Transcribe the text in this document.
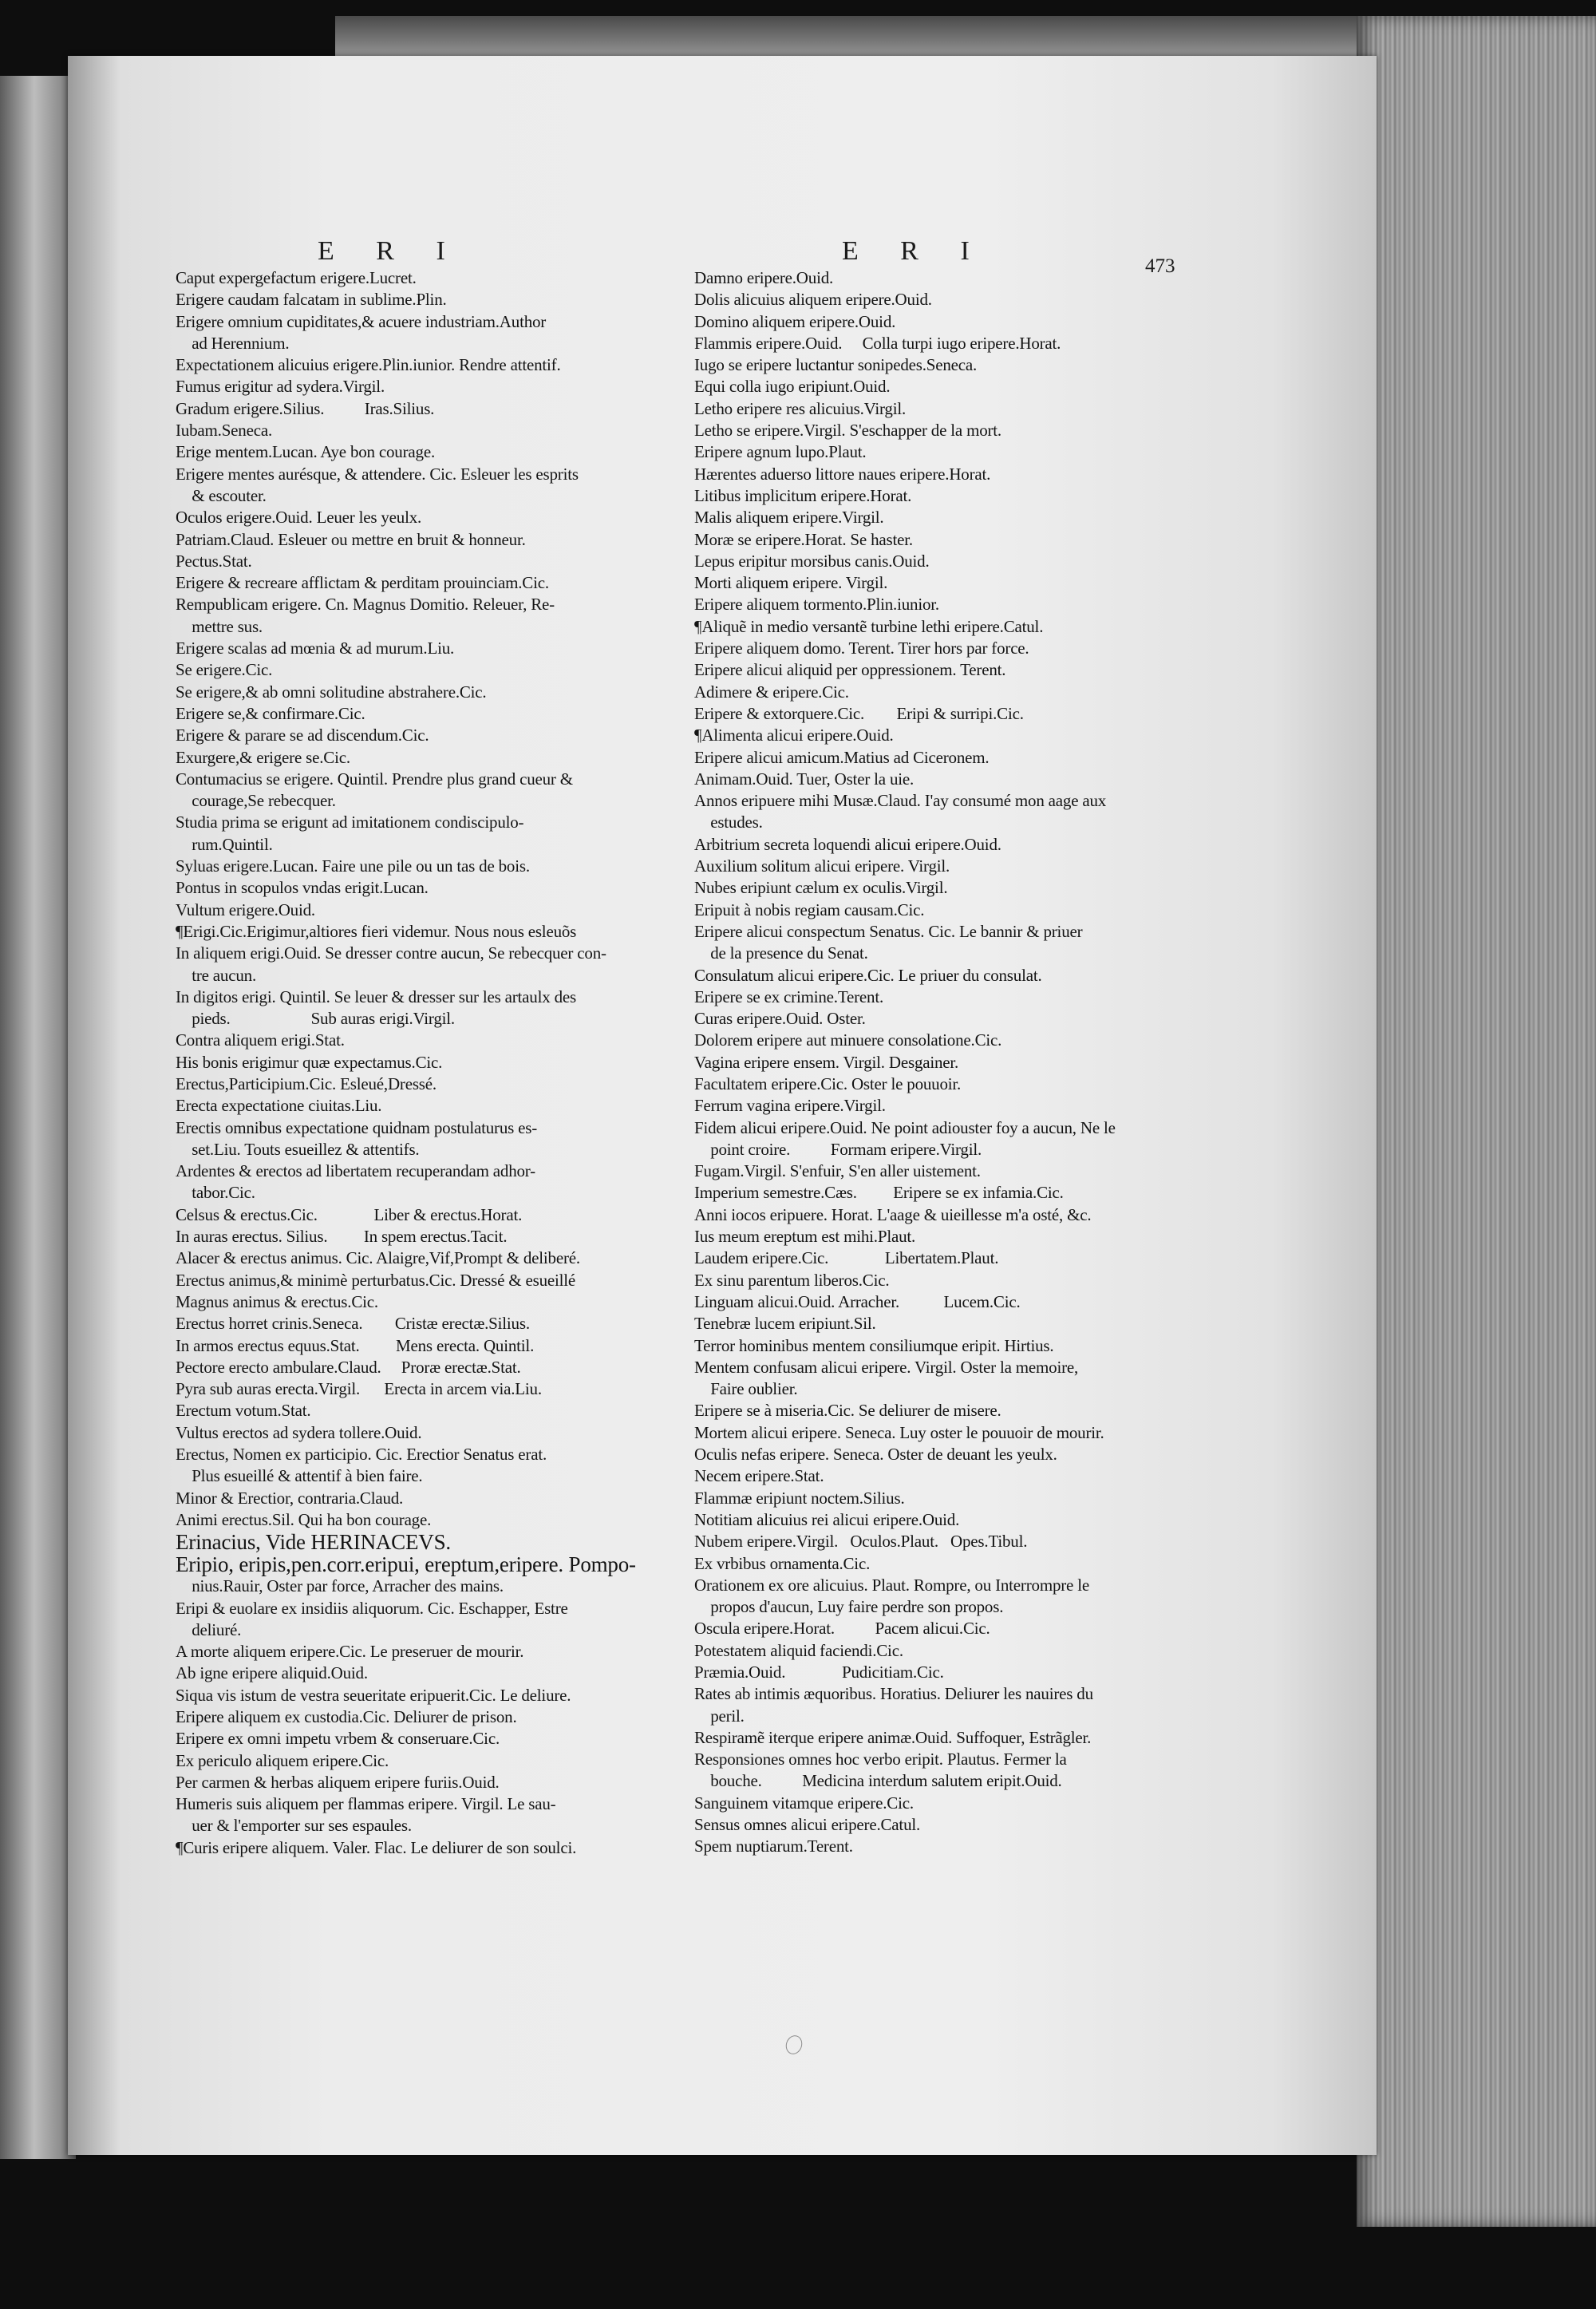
E R I	E R I
473
Caput expergefactum erigere.Lucret.
Erigere caudam falcatam in sublime.Plin.
Erigere omnium cupiditates,& acuere industriam.Author
ad Herennium.
Expectationem alicuius erigere.Plin.iunior. Rendre attentif.
Fumus erigitur ad sydera.Virgil.
Gradum erigere.Silius.          Iras.Silius.
Iubam.Seneca.
Erige mentem.Lucan. Aye bon courage.
Erigere mentes aurésque, & attendere. Cic. Esleuer les esprits
& escouter.
Oculos erigere.Ouid. Leuer les yeulx.
Patriam.Claud. Esleuer ou mettre en bruit & honneur.
Pectus.Stat.
Erigere & recreare afflictam & perditam prouinciam.Cic.
Rempublicam erigere. Cn. Magnus Domitio. Releuer, Re-
mettre sus.
Erigere scalas ad mœnia & ad murum.Liu.
Se erigere.Cic.
Se erigere,& ab omni solitudine abstrahere.Cic.
Erigere se,& confirmare.Cic.
Erigere & parare se ad discendum.Cic.
Exurgere,& erigere se.Cic.
Contumacius se erigere. Quintil. Prendre plus grand cueur &
courage,Se rebecquer.
Studia prima se erigunt ad imitationem condiscipulo-
rum.Quintil.
Syluas erigere.Lucan. Faire une pile ou un tas de bois.
Pontus in scopulos vndas erigit.Lucan.
Vultum erigere.Ouid.
¶Erigi.Cic.Erigimur,altiores fieri videmur. Nous nous esleuõs
In aliquem erigi.Ouid. Se dresser contre aucun, Se rebecquer con-
tre aucun.
In digitos erigi. Quintil. Se leuer & dresser sur les artaulx des
pieds.                    Sub auras erigi.Virgil.
Contra aliquem erigi.Stat.
His bonis erigimur quæ expectamus.Cic.
Erectus,Participium.Cic. Esleué,Dressé.
Erecta expectatione ciuitas.Liu.
Erectis omnibus expectatione quidnam postulaturus es-
set.Liu. Touts esueillez & attentifs.
Ardentes & erectos ad libertatem recuperandam adhor-
tabor.Cic.
Celsus & erectus.Cic.              Liber & erectus.Horat.
In auras erectus. Silius.         In spem erectus.Tacit.
Alacer & erectus animus. Cic. Alaigre,Vif,Prompt & deliberé.
Erectus animus,& minimè perturbatus.Cic. Dressé & esueillé
Magnus animus & erectus.Cic.
Erectus horret crinis.Seneca.        Cristæ erectæ.Silius.
In armos erectus equus.Stat.         Mens erecta. Quintil.
Pectore erecto ambulare.Claud.     Proræ erectæ.Stat.
Pyra sub auras erecta.Virgil.      Erecta in arcem via.Liu.
Erectum votum.Stat.
Vultus erectos ad sydera tollere.Ouid.
Erectus, Nomen ex participio. Cic. Erectior Senatus erat.
Plus esueillé & attentif à bien faire.
Minor & Erectior, contraria.Claud.
Animi erectus.Sil. Qui ha bon courage.
Erinacius, Vide HERINACEVS.
Eripio, eripis,pen.corr.eripui, ereptum,eripere. Pompo-
nius.Rauir, Oster par force, Arracher des mains.
Eripi & euolare ex insidiis aliquorum. Cic. Eschapper, Estre
deliuré.
A morte aliquem eripere.Cic. Le preseruer de mourir.
Ab igne eripere aliquid.Ouid.
Siqua vis istum de vestra seueritate eripuerit.Cic. Le deliure.
Eripere aliquem ex custodia.Cic. Deliurer de prison.
Eripere ex omni impetu vrbem & conseruare.Cic.
Ex periculo aliquem eripere.Cic.
Per carmen & herbas aliquem eripere furiis.Ouid.
Humeris suis aliquem per flammas eripere. Virgil. Le sau-
uer & l'emporter sur ses espaules.
¶Curis eripere aliquem. Valer. Flac. Le deliurer de son soulci.
Damno eripere.Ouid.
Dolis alicuius aliquem eripere.Ouid.
Domino aliquem eripere.Ouid.
Flammis eripere.Ouid.     Colla turpi iugo eripere.Horat.
Iugo se eripere luctantur sonipedes.Seneca.
Equi colla iugo eripiunt.Ouid.
Letho eripere res alicuius.Virgil.
Letho se eripere.Virgil. S'eschapper de la mort.
Eripere agnum lupo.Plaut.
Hærentes aduerso littore naues eripere.Horat.
Litibus implicitum eripere.Horat.
Malis aliquem eripere.Virgil.
Moræ se eripere.Horat. Se haster.
Lepus eripitur morsibus canis.Ouid.
Morti aliquem eripere. Virgil.
Eripere aliquem tormento.Plin.iunior.
¶Aliquẽ in medio versantẽ turbine lethi eripere.Catul.
Eripere aliquem domo. Terent. Tirer hors par force.
Eripere alicui aliquid per oppressionem. Terent.
Adimere & eripere.Cic.
Eripere & extorquere.Cic.        Eripi & surripi.Cic.
¶Alimenta alicui eripere.Ouid.
Eripere alicui amicum.Matius ad Ciceronem.
Animam.Ouid. Tuer, Oster la uie.
Annos eripuere mihi Musæ.Claud. I'ay consumé mon aage aux
estudes.
Arbitrium secreta loquendi alicui eripere.Ouid.
Auxilium solitum alicui eripere. Virgil.
Nubes eripiunt cælum ex oculis.Virgil.
Eripuit à nobis regiam causam.Cic.
Eripere alicui conspectum Senatus. Cic. Le bannir & priuer
de la presence du Senat.
Consulatum alicui eripere.Cic. Le priuer du consulat.
Eripere se ex crimine.Terent.
Curas eripere.Ouid. Oster.
Dolorem eripere aut minuere consolatione.Cic.
Vagina eripere ensem. Virgil. Desgainer.
Facultatem eripere.Cic. Oster le pouuoir.
Ferrum vagina eripere.Virgil.
Fidem alicui eripere.Ouid. Ne point adiouster foy a aucun, Ne le
point croire.          Formam eripere.Virgil.
Fugam.Virgil. S'enfuir, S'en aller uistement.
Imperium semestre.Cæs.         Eripere se ex infamia.Cic.
Anni iocos eripuere. Horat. L'aage & uieillesse m'a osté, &c.
Ius meum ereptum est mihi.Plaut.
Laudem eripere.Cic.              Libertatem.Plaut.
Ex sinu parentum liberos.Cic.
Linguam alicui.Ouid. Arracher.           Lucem.Cic.
Tenebræ lucem eripiunt.Sil.
Terror hominibus mentem consiliumque eripit. Hirtius.
Mentem confusam alicui eripere. Virgil. Oster la memoire,
Faire oublier.
Eripere se à miseria.Cic. Se deliurer de misere.
Mortem alicui eripere. Seneca. Luy oster le pouuoir de mourir.
Oculis nefas eripere. Seneca. Oster de deuant les yeulx.
Necem eripere.Stat.
Flammæ eripiunt noctem.Silius.
Notitiam alicuius rei alicui eripere.Ouid.
Nubem eripere.Virgil.   Oculos.Plaut.   Opes.Tibul.
Ex vrbibus ornamenta.Cic.
Orationem ex ore alicuius. Plaut. Rompre, ou Interrompre le
propos d'aucun, Luy faire perdre son propos.
Oscula eripere.Horat.          Pacem alicui.Cic.
Potestatem aliquid faciendi.Cic.
Præmia.Ouid.              Pudicitiam.Cic.
Rates ab intimis æquoribus. Horatius. Deliurer les nauires du
peril.
Respiramẽ iterque eripere animæ.Ouid. Suffoquer, Estrãgler.
Responsiones omnes hoc verbo eripit. Plautus. Fermer la
bouche.          Medicina interdum salutem eripit.Ouid.
Sanguinem vitamque eripere.Cic.
Sensus omnes alicui eripere.Catul.
Spem nuptiarum.Terent.
